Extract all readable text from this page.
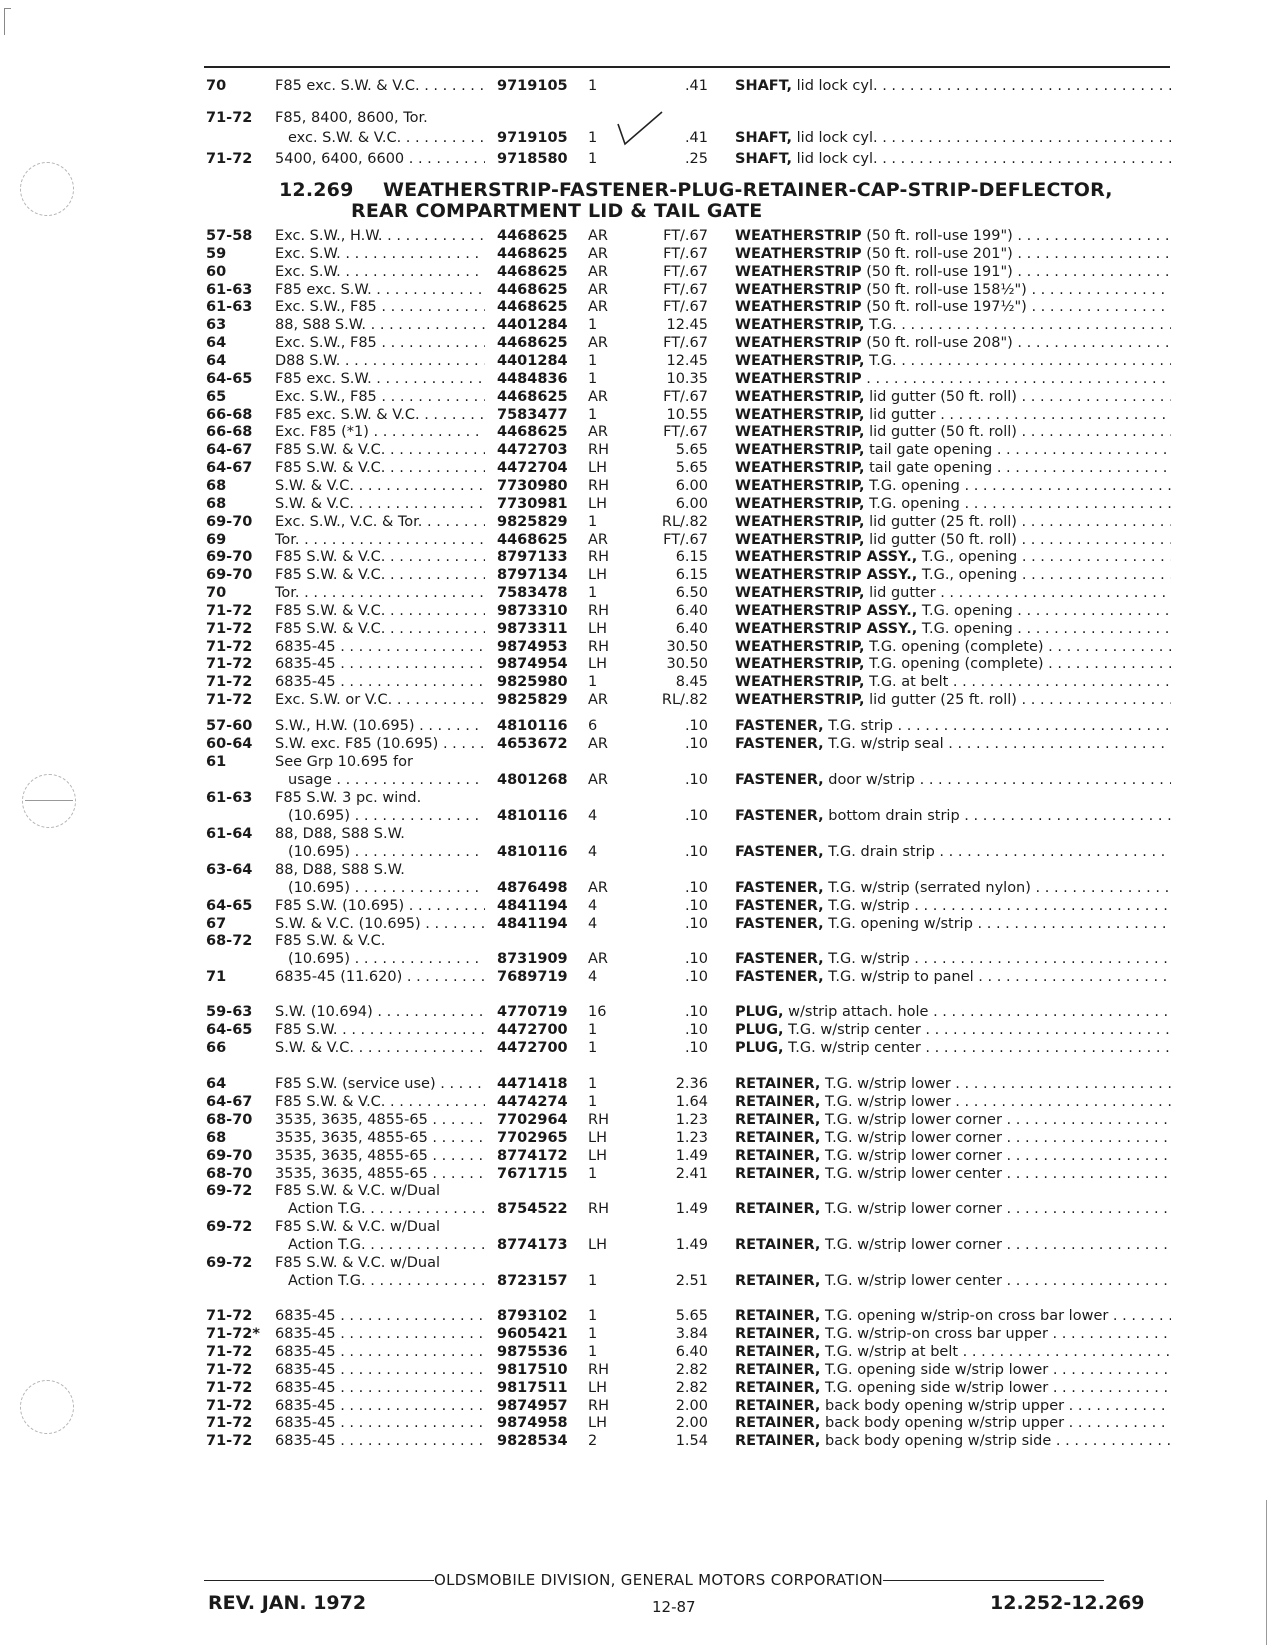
12.269 WEATHERSTRIP-FASTENER-PLUG-RETAINER-CAP-STRIP-DEFLECTOR,
REAR COMPARTMENT LID & TAIL GATE
70	F85 exc. S.W. & V.C. . . .	9719105 1	.41 SHAFT, lid lock cyl. . . .
71-72 F85, 8400, 8600, Tor.
exc. S.W. & V.C. . . .	9719105 1	.41 SHAFT, lid lock cyl. . . .
71-72 5400, 6400, 6600 . . .	9718580 1	.25 SHAFT, lid lock cyl. . . .
57-58 Exc. S.W., H.W. . . .	4468625 AR	FT/.67 WEATHERSTRIP (50 ft. roll-use 199") . . .
59	Exc. S.W. . . .	4468625 AR	FT/.67 WEATHERSTRIP (50 ft. roll-use 201") . . .
60	Exc. S.W. . . .	4468625 AR	FT/.67 WEATHERSTRIP (50 ft. roll-use 191") . . .
61-63 F85 exc. S.W. . . .	4468625 AR	FT/.67 WEATHERSTRIP (50 ft. roll-use 158½") . . .
61-63 Exc. S.W., F85 . . .	4468625 AR	FT/.67 WEATHERSTRIP (50 ft. roll-use 197½") . . .
63	88, S88 S.W. . . .	4401284 1	12.45 WEATHERSTRIP, T.G. . . .
64	Exc. S.W., F85 . . .	4468625 AR	FT/.67 WEATHERSTRIP (50 ft. roll-use 208") . . .
64	D88 S.W. . . .	4401284 1	12.45 WEATHERSTRIP, T.G. . . .
64-65 F85 exc. S.W. . . .	4484836 1	10.35 WEATHERSTRIP . . .
65	Exc. S.W., F85 . . .	4468625 AR	FT/.67 WEATHERSTRIP, lid gutter (50 ft. roll) . . .
66-68 F85 exc. S.W. & V.C. . . .	7583477 1	10.55 WEATHERSTRIP, lid gutter . . .
66-68 Exc. F85 (*1) . . .	4468625 AR	FT/.67 WEATHERSTRIP, lid gutter (50 ft. roll) . . .
64-67 F85 S.W. & V.C. . . .	4472703 RH	5.65 WEATHERSTRIP, tail gate opening . . .
64-67 F85 S.W. & V.C. . . .	4472704 LH	5.65 WEATHERSTRIP, tail gate opening . . .
68	S.W. & V.C. . . .	7730980 RH	6.00 WEATHERSTRIP, T.G. opening . . .
68	S.W. & V.C. . . .	7730981 LH	6.00 WEATHERSTRIP, T.G. opening . . .
69-70 Exc. S.W., V.C. & Tor. . . .	9825829 1	RL/.82 WEATHERSTRIP, lid gutter (25 ft. roll) . . .
69	Tor. . . .	4468625 AR	FT/.67 WEATHERSTRIP, lid gutter (50 ft. roll) . . .
69-70 F85 S.W. & V.C. . . .	8797133 RH	6.15 WEATHERSTRIP ASSY., T.G., opening . . .
69-70 F85 S.W. & V.C. . . .	8797134 LH	6.15 WEATHERSTRIP ASSY., T.G., opening . . .
70	Tor. . . .	7583478 1	6.50 WEATHERSTRIP, lid gutter . . .
71-72 F85 S.W. & V.C. . . .	9873310 RH	6.40 WEATHERSTRIP ASSY., T.G. opening . . .
71-72 F85 S.W. & V.C. . . .	9873311 LH	6.40 WEATHERSTRIP ASSY., T.G. opening . . .
71-72 6835-45 . . .	9874953 RH	30.50 WEATHERSTRIP, T.G. opening (complete) . . .
71-72 6835-45 . . .	9874954 LH	30.50 WEATHERSTRIP, T.G. opening (complete) . . .
71-72 6835-45 . . .	9825980 1	8.45 WEATHERSTRIP, T.G. at belt . . .
71-72 Exc. S.W. or V.C. . . .	9825829 AR	RL/.82 WEATHERSTRIP, lid gutter (25 ft. roll) . . .
57-60 S.W., H.W. (10.695) . . .	4810116 6	.10 FASTENER, T.G. strip . . .
60-64 S.W. exc. F85 (10.695) . . .	4653672 AR	.10 FASTENER, T.G. w/strip seal . . .
61	See Grp 10.695 for
usage . . .	4801268 AR	.10 FASTENER, door w/strip . . .
61-63 F85 S.W. 3 pc. wind.
(10.695) . . .	4810116 4	.10 FASTENER, bottom drain strip . . .
61-64 88, D88, S88 S.W.
(10.695) . . .	4810116 4	.10 FASTENER, T.G. drain strip . . .
63-64 88, D88, S88 S.W.
(10.695) . . .	4876498 AR	.10 FASTENER, T.G. w/strip (serrated nylon) . . .
64-65 F85 S.W. (10.695) . . .	4841194 4	.10 FASTENER, T.G. w/strip . . .
67	S.W. & V.C. (10.695) . . .	4841194 4	.10 FASTENER, T.G. opening w/strip . . .
68-72 F85 S.W. & V.C.
(10.695) . . .	8731909 AR	.10 FASTENER, T.G. w/strip . . .
71	6835-45 (11.620) . . .	7689719 4	.10 FASTENER, T.G. w/strip to panel . . .
59-63 S.W. (10.694) . . .	4770719 16	.10 PLUG, w/strip attach. hole . . .
64-65 F85 S.W. . . .	4472700 1	.10 PLUG, T.G. w/strip center . . .
66	S.W. & V.C. . . .	4472700 1	.10 PLUG, T.G. w/strip center . . .
64	F85 S.W. (service use) . . .	4471418 1	2.36 RETAINER, T.G. w/strip lower . . .
64-67 F85 S.W. & V.C. . . .	4474274 1	1.64 RETAINER, T.G. w/strip lower . . .
68-70 3535, 3635, 4855-65 . . .	7702964 RH	1.23 RETAINER, T.G. w/strip lower corner . . .
68	3535, 3635, 4855-65 . . .	7702965 LH	1.23 RETAINER, T.G. w/strip lower corner . . .
69-70 3535, 3635, 4855-65 . . .	8774172 LH	1.49 RETAINER, T.G. w/strip lower corner . . .
68-70 3535, 3635, 4855-65 . . .	7671715 1	2.41 RETAINER, T.G. w/strip lower center . . .
69-72 F85 S.W. & V.C. w/Dual
Action T.G. . . .	8754522 RH	1.49 RETAINER, T.G. w/strip lower corner . . .
69-72 F85 S.W. & V.C. w/Dual
Action T.G. . . .	8774173 LH	1.49 RETAINER, T.G. w/strip lower corner . . .
69-72 F85 S.W. & V.C. w/Dual
Action T.G. . . .	8723157 1	2.51 RETAINER, T.G. w/strip lower center . . .
71-72 6835-45 . . .	8793102 1	5.65 RETAINER, T.G. opening w/strip-on cross bar lower . . . .
71-72* 6835-45 . . .	9605421 1	3.84 RETAINER, T.G. w/strip-on cross bar upper . . .
71-72 6835-45 . . .	9875536 1	6.40 RETAINER, T.G. w/strip at belt . . .
71-72 6835-45 . . .	9817510 RH	2.82 RETAINER, T.G. opening side w/strip lower . . .
71-72 6835-45 . . .	9817511 LH	2.82 RETAINER, T.G. opening side w/strip lower . . .
71-72 6835-45 . . .	9874957 RH	2.00 RETAINER, back body opening w/strip upper . . .
71-72 6835-45 . . .	9874958 LH	2.00 RETAINER, back body opening w/strip upper . . .
71-72 6835-45 . . .	9828534 2	1.54 RETAINER, back body opening w/strip side . . .
OLDSMOBILE DIVISION, GENERAL MOTORS CORPORATION
REV. JAN. 1972	12-87	12.252-12.269
